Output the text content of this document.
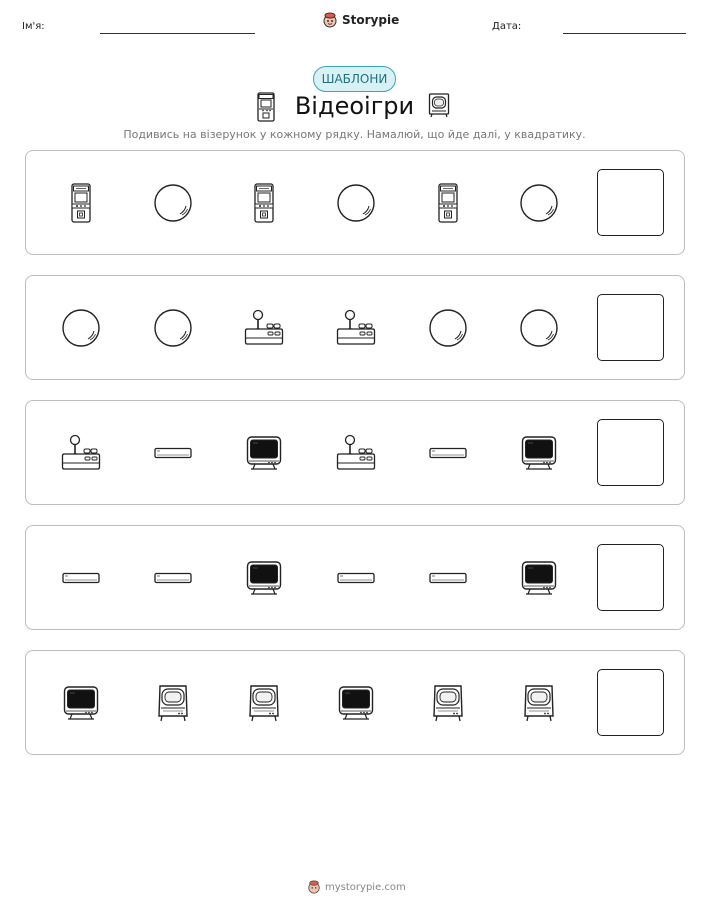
Ім'я:	Storypie	Дата:
ШАБЛОНИ
Відеоігри
Подивись на візерунок у кожному рядку. Намалюй, що йде далі, у квадратику.
mystorypie.com
